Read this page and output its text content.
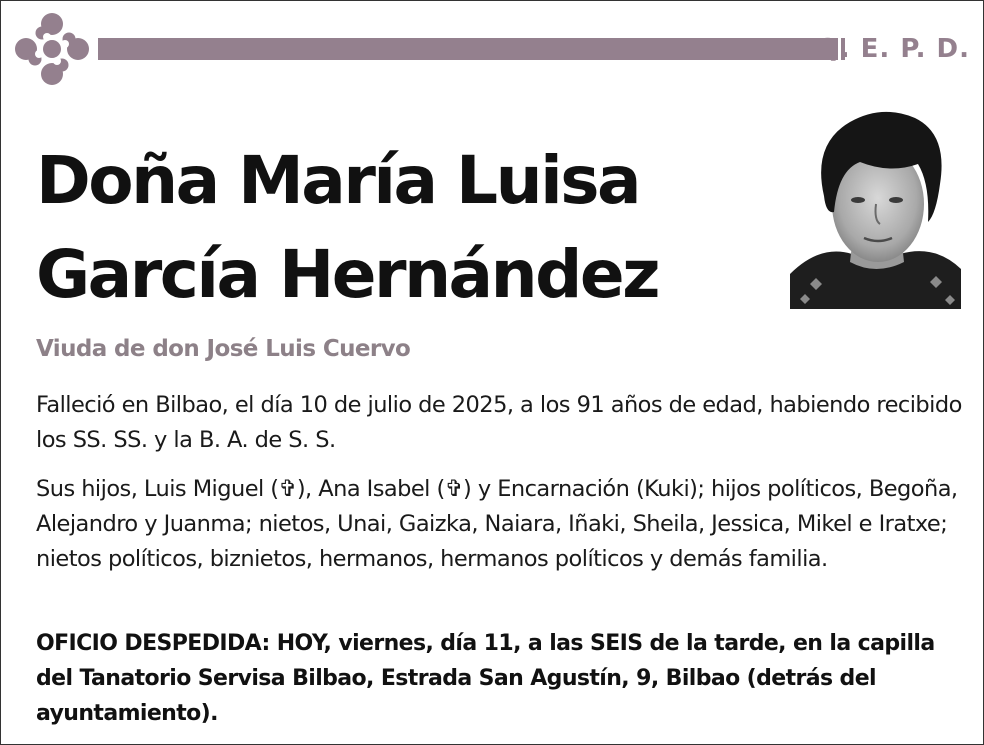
Q. E. P. D.
Doña María Luisa
García Hernández
Viuda de don José Luis Cuervo
Falleció en Bilbao, el día 10 de julio de 2025, a los 91 años de edad, habiendo recibido los SS. SS. y la B. A. de S. S.
Sus hijos, Luis Miguel (✞), Ana Isabel (✞) y Encarnación (Kuki); hijos políticos, Begoña, Alejandro y Juanma; nietos, Unai, Gaizka, Naiara, Iñaki, Sheila, Jessica, Mikel e Iratxe; nietos políticos, biznietos, hermanos, hermanos políticos y demás familia.
OFICIO DESPEDIDA: HOY, viernes, día 11, a las SEIS de la tarde, en la capilla del Tanatorio Servisa Bilbao, Estrada San Agustín, 9, Bilbao (detrás del ayuntamiento).
